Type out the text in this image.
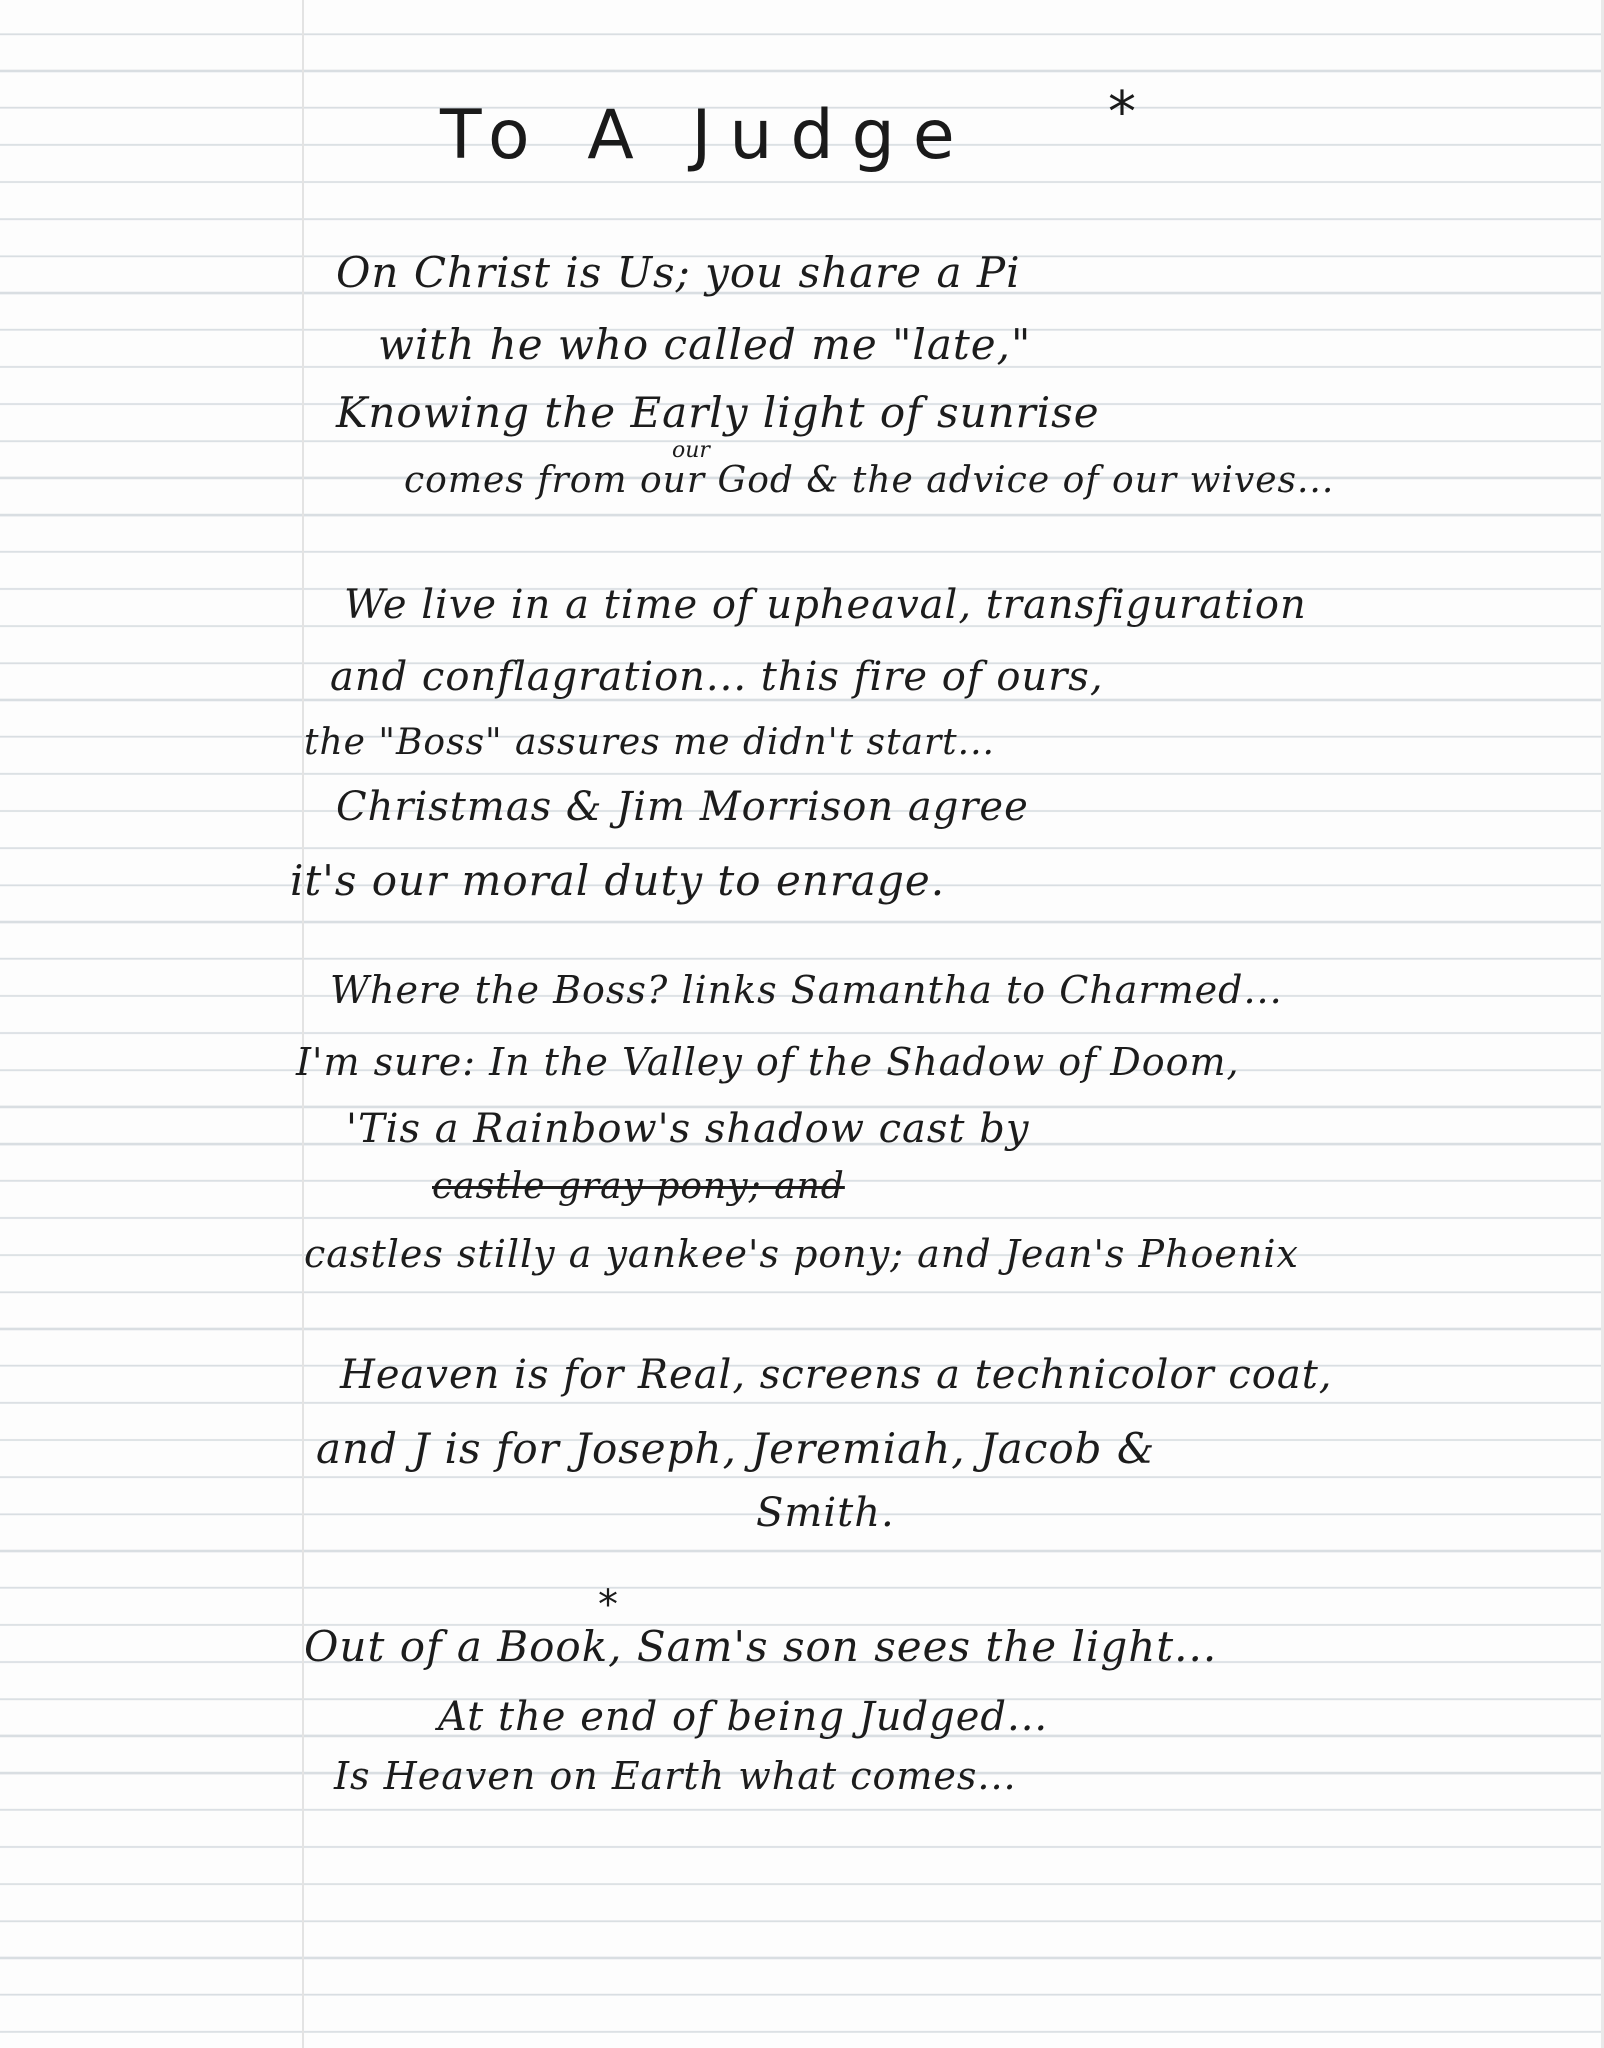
To A Judge *
On Christ is Us; you share a Pi
with he who called me "late,"
Knowing the Early light of sunrise
our
comes from our God & the advice of our wives...
We live in a time of upheaval, transfiguration
and conflagration... this fire of ours,
the "Boss" assures me didn't start...
Christmas & Jim Morrison agree
it's our moral duty to enrage.
Where the Boss? links Samantha to Charmed...
I'm sure: In the Valley of the Shadow of Doom,
'Tis a Rainbow's shadow cast by
castle gray pony; and
castles stilly a yankee's pony; and Jean's Phoenix
Heaven is for Real, screens a technicolor coat,
and J is for Joseph, Jeremiah, Jacob &
Smith.
*
Out of a Book, Sam's son sees the light...
At the end of being Judged...
Is Heaven on Earth what comes...
